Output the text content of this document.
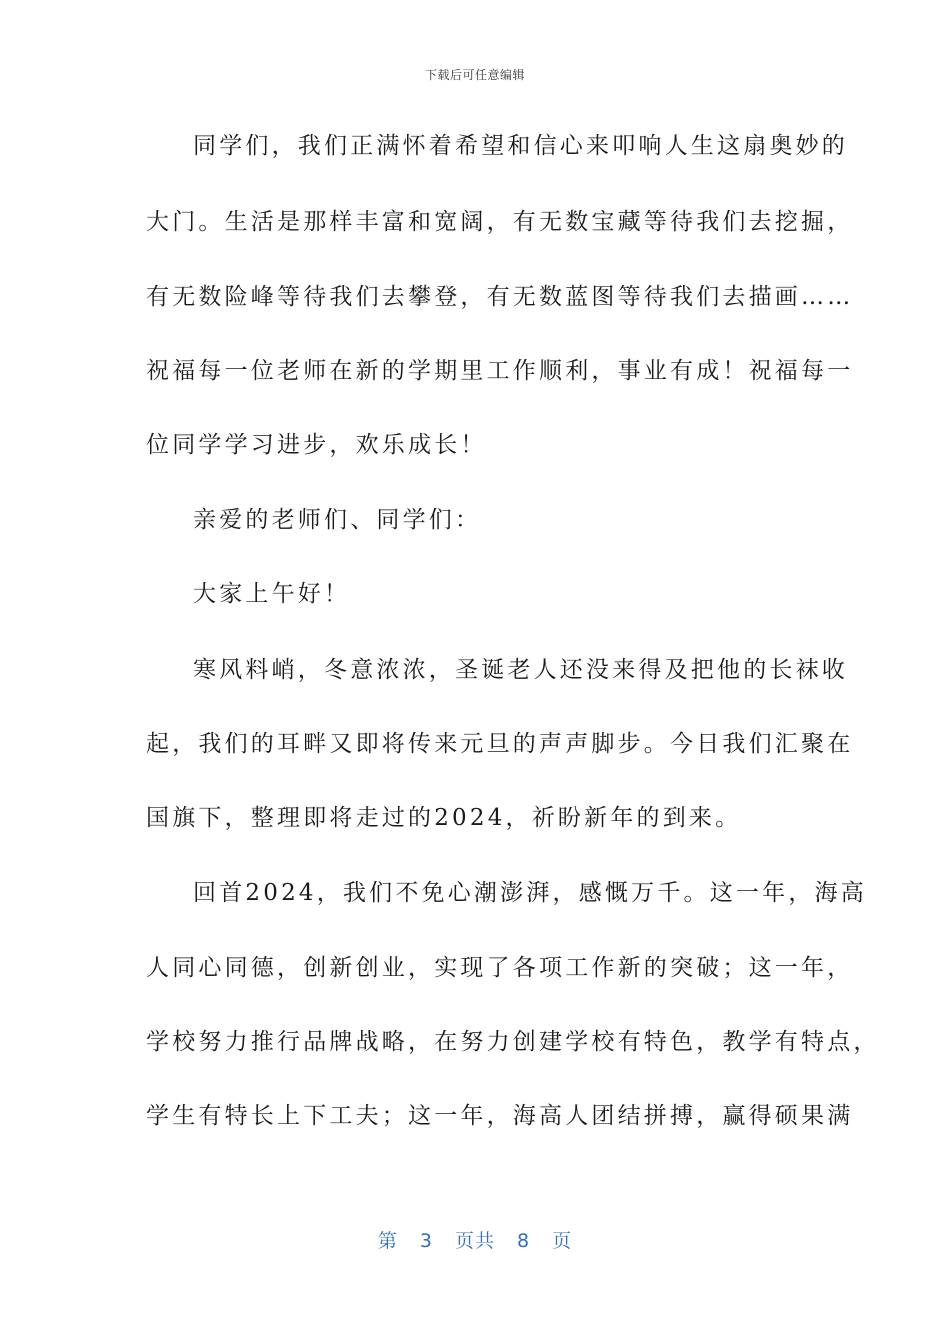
下载后可任意编辑
同学们，我们正满怀着希望和信心来叩响人生这扇奥妙的
大门。生活是那样丰富和宽阔，有无数宝藏等待我们去挖掘，
有无数险峰等待我们去攀登，有无数蓝图等待我们去描画……
祝福每一位老师在新的学期里工作顺利，事业有成！祝福每一
位同学学习进步，欢乐成长！
亲爱的老师们、同学们：
大家上午好！
寒风料峭，冬意浓浓，圣诞老人还没来得及把他的长袜收
起，我们的耳畔又即将传来元旦的声声脚步。今日我们汇聚在
国旗下，整理即将走过的2024，祈盼新年的到来。
回首2024，我们不免心潮澎湃，感慨万千。这一年，海高
人同心同德，创新创业，实现了各项工作新的突破；这一年，
学校努力推行品牌战略，在努力创建学校有特色，教学有特点，
学生有特长上下工夫；这一年，海高人团结拼搏，赢得硕果满
第 3 页共 8 页
